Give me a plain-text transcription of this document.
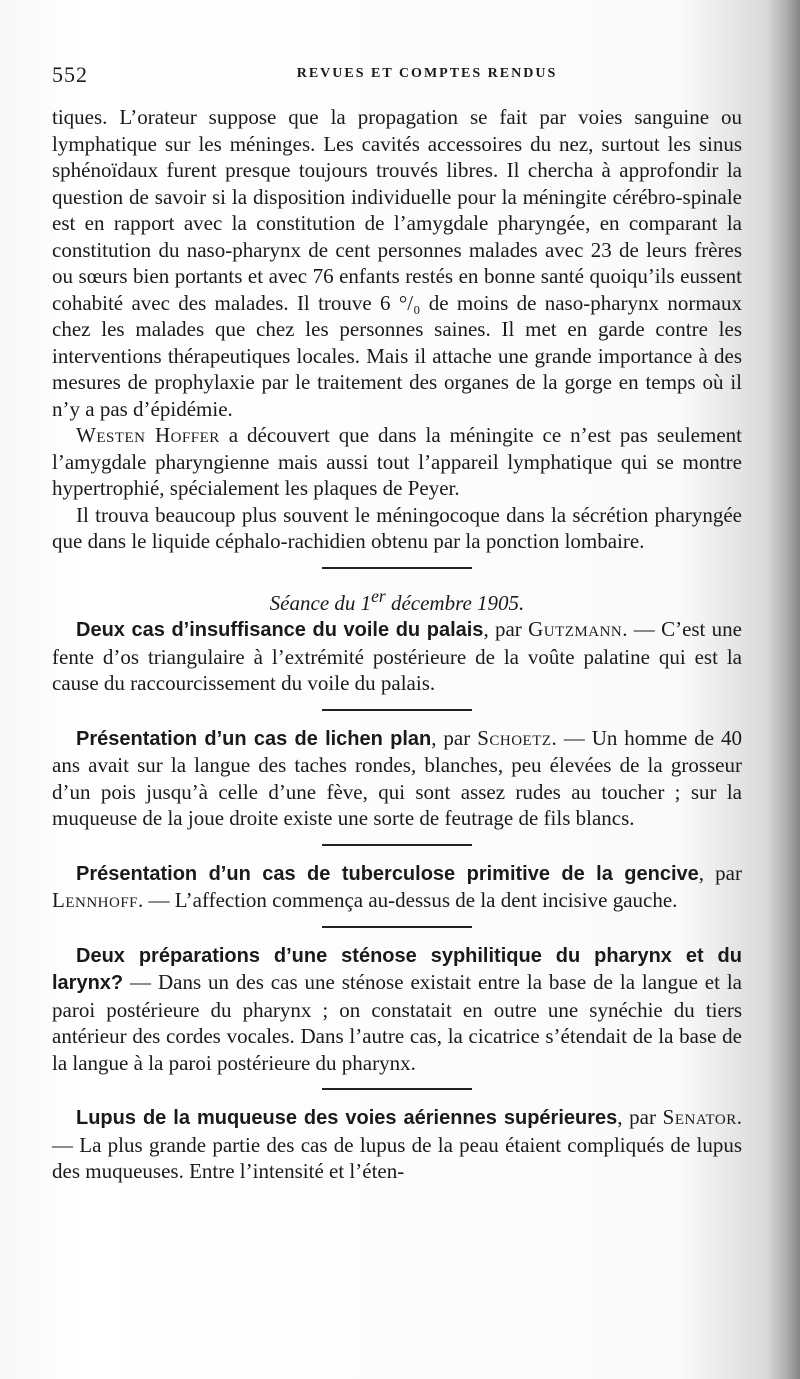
552	REVUES ET COMPTES RENDUS

tiques. L’orateur suppose que la propagation se fait par voies sanguine ou lymphatique sur les méninges. Les cavités accessoires du nez, surtout les sinus sphénoïdaux furent presque toujours trouvés libres. Il chercha à approfondir la question de savoir si la disposition individuelle pour la méningite cérébro-spinale est en rapport avec la constitution de l’amygdale pharyngée, en comparant la constitution du naso-pharynx de cent personnes malades avec 23 de leurs frères ou sœurs bien portants et avec 76 enfants restés en bonne santé quoiqu’ils eussent cohabité avec des malades. Il trouve 6 °/₀ de moins de naso-pharynx normaux chez les malades que chez les personnes saines. Il met en garde contre les interventions thérapeutiques locales. Mais il attache une grande importance à des mesures de prophylaxie par le traitement des organes de la gorge en temps où il n’y a pas d’épidémie.

Westen Hoffer a découvert que dans la méningite ce n’est pas seulement l’amygdale pharyngienne mais aussi tout l’appareil lymphatique qui se montre hypertrophié, spécialement les plaques de Peyer.

Il trouva beaucoup plus souvent le méningocoque dans la sécrétion pharyngée que dans le liquide céphalo-rachidien obtenu par la ponction lombaire.

Séance du 1er décembre 1905.

Deux cas d’insuffisance du voile du palais, par Gutzmann. — C’est une fente d’os triangulaire à l’extrémité postérieure de la voûte palatine qui est la cause du raccourcissement du voile du palais.

Présentation d’un cas de lichen plan, par Schoetz. — Un homme de 40 ans avait sur la langue des taches rondes, blanches, peu élevées de la grosseur d’un pois jusqu’à celle d’une fève, qui sont assez rudes au toucher ; sur la muqueuse de la joue droite existe une sorte de feutrage de fils blancs.

Présentation d’un cas de tuberculose primitive de la gencive, par Lennhoff. — L’affection commença au-dessus de la dent incisive gauche.

Deux préparations d’une sténose syphilitique du pharynx et du larynx? — Dans un des cas une sténose existait entre la base de la langue et la paroi postérieure du pharynx ; on constatait en outre une synéchie du tiers antérieur des cordes vocales. Dans l’autre cas, la cicatrice s’étendait de la base de la langue à la paroi postérieure du pharynx.

Lupus de la muqueuse des voies aériennes supérieures, par Senator. — La plus grande partie des cas de lupus de la peau étaient compliqués de lupus des muqueuses. Entre l’intensité et l’éten-
